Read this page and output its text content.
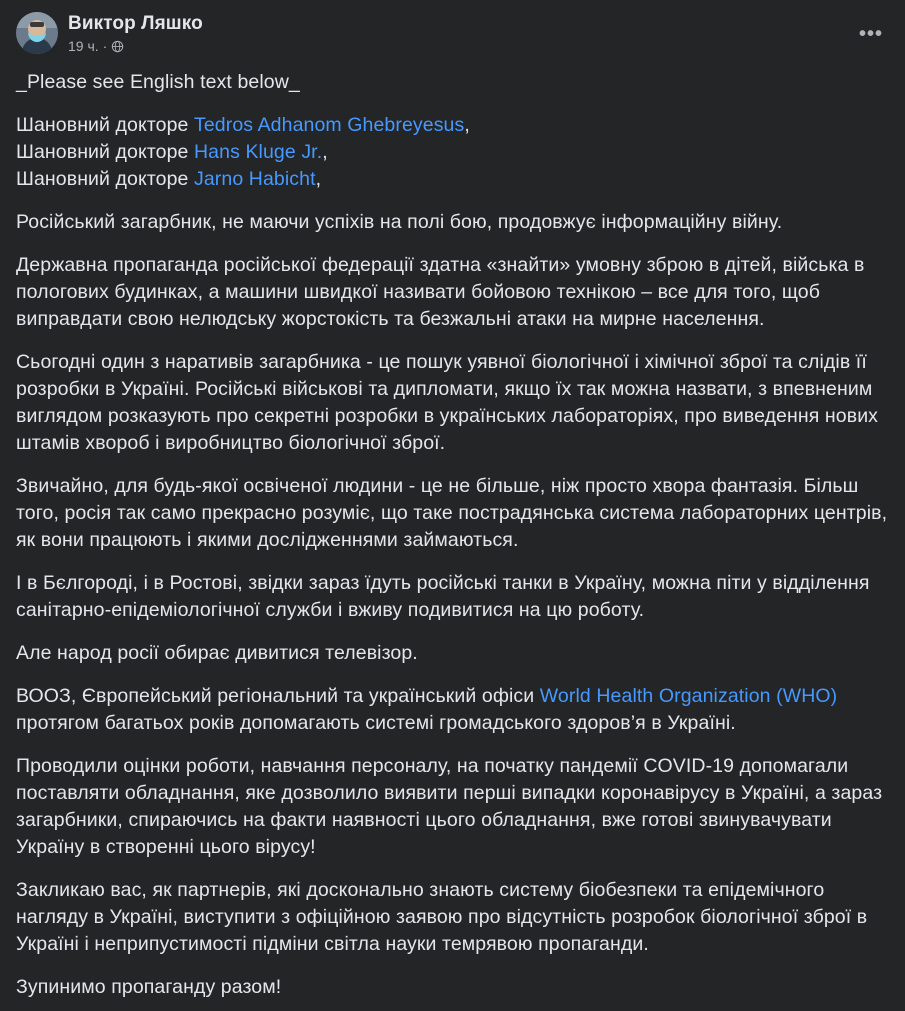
Виктор Ляшко
19 ч. ·
•••

_Please see English text below_

Шановний докторе Tedros Adhanom Ghebreyesus,

Шановний докторе Hans Kluge Jr.,

Шановний докторе Jarno Habicht,

Російський загарбник, не маючи успіхів на полі бою, продовжує інформаційну війну.

Державна пропаганда російської федерації здатна «знайти» умовну зброю в дітей, війська в пологових будинках, а машини швидкої називати бойовою технікою – все для того, щоб виправдати свою нелюдську жорстокість та безжальні атаки на мирне населення.

Сьогодні один з наративів загарбника - це пошук уявної біологічної і хімічної зброї та слідів її розробки в Україні. Російські військові та дипломати, якщо їх так можна назвати, з впевненим виглядом розказують про секретні розробки в українських лабораторіях, про виведення нових штамів хвороб і виробництво біологічної зброї.

Звичайно, для будь-якої освіченої людини - це не більше, ніж просто хвора фантазія. Більш того, росія так само прекрасно розуміє, що таке пострадянська система лабораторних центрів, як вони працюють і якими дослідженнями займаються.

І в Бєлгороді, і в Ростові, звідки зараз їдуть російські танки в Україну, можна піти у відділення санітарно-епідеміологічної служби і вживу подивитися на цю роботу.

Але народ росії обирає дивитися телевізор.

ВООЗ, Європейський регіональний та український офіси World Health Organization (WHO) протягом багатьох років допомагають системі громадського здоров’я в Україні.

Проводили оцінки роботи, навчання персоналу, на початку пандемії COVID-19 допомагали поставляти обладнання, яке дозволило виявити перші випадки коронавірусу в Україні, а зараз загарбники, спираючись на факти наявності цього обладнання, вже готові звинувачувати Україну в створенні цього вірусу!

Закликаю вас, як партнерів, які досконально знають систему біобезпеки та епідемічного нагляду в Україні, виступити з офіційною заявою про відсутність розробок біологічної зброї в Україні і неприпустимості підміни світла науки темрявою пропаганди.

Зупинимо пропаганду разом!
